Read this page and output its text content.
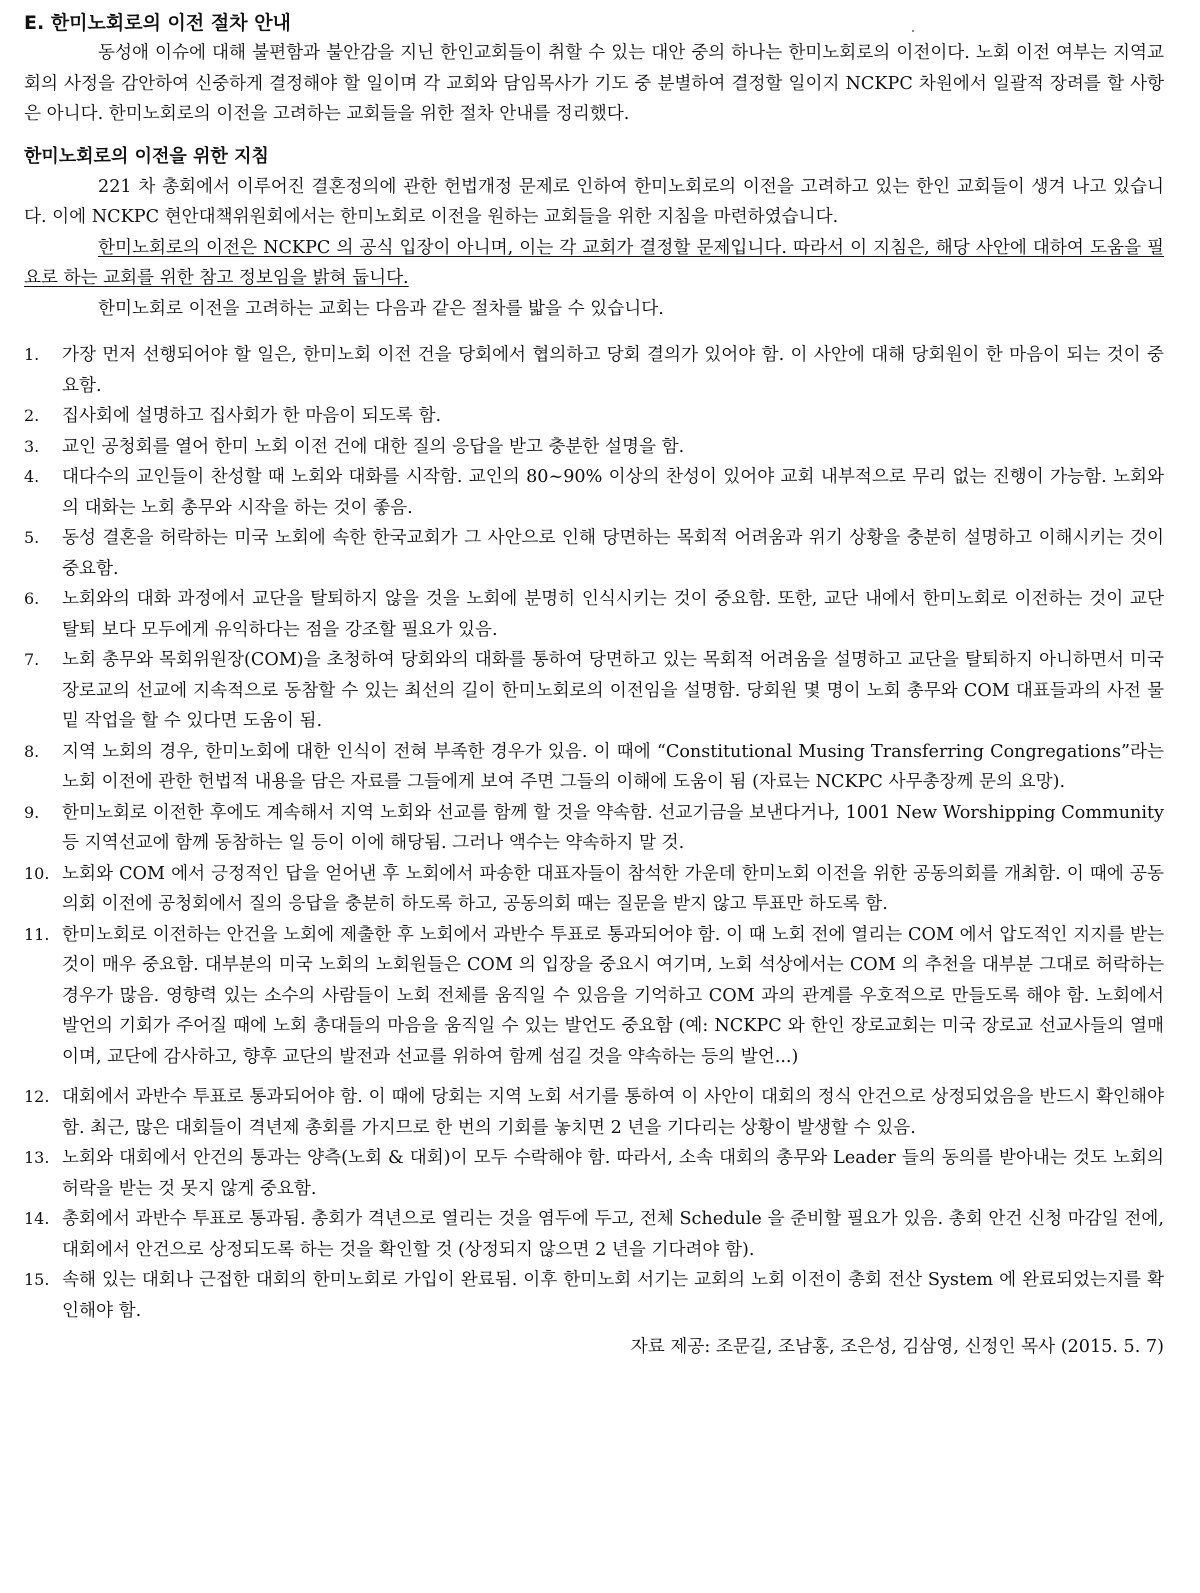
E. 한미노회로의 이전 절차 안내

동성애 이슈에 대해 불편함과 불안감을 지닌 한인교회들이 취할 수 있는 대안 중의 하나는 한미노회로의 이전이다. 노회 이전 여부는 지역교회의 사정을 감안하여 신중하게 결정해야 할 일이며 각 교회와 담임목사가 기도 중 분별하여 결정할 일이지 NCKPC 차원에서 일괄적 장려를 할 사항은 아니다. 한미노회로의 이전을 고려하는 교회들을 위한 절차 안내를 정리했다.

한미노회로의 이전을 위한 지침

221 차 총회에서 이루어진 결혼정의에 관한 헌법개정 문제로 인하여 한미노회로의 이전을 고려하고 있는 한인 교회들이 생겨 나고 있습니다. 이에 NCKPC 현안대책위원회에서는 한미노회로 이전을 원하는 교회들을 위한 지침을 마련하였습니다.

한미노회로의 이전은 NCKPC 의 공식 입장이 아니며, 이는 각 교회가 결정할 문제입니다. 따라서 이 지침은, 해당 사안에 대하여 도움을 필요로 하는 교회를 위한 참고 정보임을 밝혀 둡니다.

한미노회로 이전을 고려하는 교회는 다음과 같은 절차를 밟을 수 있습니다.

1.	가장 먼저 선행되어야 할 일은, 한미노회 이전 건을 당회에서 협의하고 당회 결의가 있어야 함. 이 사안에 대해 당회원이 한 마음이 되는 것이 중요함.
2.	집사회에 설명하고 집사회가 한 마음이 되도록 함.
3.	교인 공청회를 열어 한미 노회 이전 건에 대한 질의 응답을 받고 충분한 설명을 함.
4.	대다수의 교인들이 찬성할 때 노회와 대화를 시작함. 교인의 80~90% 이상의 찬성이 있어야 교회 내부적으로 무리 없는 진행이 가능함. 노회와의 대화는 노회 총무와 시작을 하는 것이 좋음.
5.	동성 결혼을 허락하는 미국 노회에 속한 한국교회가 그 사안으로 인해 당면하는 목회적 어려움과 위기 상황을 충분히 설명하고 이해시키는 것이 중요함.
6.	노회와의 대화 과정에서 교단을 탈퇴하지 않을 것을 노회에 분명히 인식시키는 것이 중요함. 또한, 교단 내에서 한미노회로 이전하는 것이 교단 탈퇴 보다 모두에게 유익하다는 점을 강조할 필요가 있음.
7.	노회 총무와 목회위원장(COM)을 초청하여 당회와의 대화를 통하여 당면하고 있는 목회적 어려움을 설명하고 교단을 탈퇴하지 아니하면서 미국장로교의 선교에 지속적으로 동참할 수 있는 최선의 길이 한미노회로의 이전임을 설명함. 당회원 몇 명이 노회 총무와 COM 대표들과의 사전 물밑 작업을 할 수 있다면 도움이 됨.
8.	지역 노회의 경우, 한미노회에 대한 인식이 전혀 부족한 경우가 있음. 이 때에 “Constitutional Musing Transferring Congregations”라는 노회 이전에 관한 헌법적 내용을 담은 자료를 그들에게 보여 주면 그들의 이해에 도움이 됨 (자료는 NCKPC 사무총장께 문의 요망).
9.	한미노회로 이전한 후에도 계속해서 지역 노회와 선교를 함께 할 것을 약속함. 선교기금을 보낸다거나, 1001 New Worshipping Community 등 지역선교에 함께 동참하는 일 등이 이에 해당됨. 그러나 액수는 약속하지 말 것.
10. 노회와 COM 에서 긍정적인 답을 얻어낸 후 노회에서 파송한 대표자들이 참석한 가운데 한미노회 이전을 위한 공동의회를 개최함. 이 때에 공동의회 이전에 공청회에서 질의 응답을 충분히 하도록 하고, 공동의회 때는 질문을 받지 않고 투표만 하도록 함.
11. 한미노회로 이전하는 안건을 노회에 제출한 후 노회에서 과반수 투표로 통과되어야 함. 이 때 노회 전에 열리는 COM 에서 압도적인 지지를 받는 것이 매우 중요함. 대부분의 미국 노회의 노회원들은 COM 의 입장을 중요시 여기며, 노회 석상에서는 COM 의 추천을 대부분 그대로 허락하는 경우가 많음. 영향력 있는 소수의 사람들이 노회 전체를 움직일 수 있음을 기억하고 COM 과의 관계를 우호적으로 만들도록 해야 함. 노회에서 발언의 기회가 주어질 때에 노회 총대들의 마음을 움직일 수 있는 발언도 중요함 (예: NCKPC 와 한인 장로교회는 미국 장로교 선교사들의 열매이며, 교단에 감사하고, 향후 교단의 발전과 선교를 위하여 함께 섬길 것을 약속하는 등의 발언...)
12. 대회에서 과반수 투표로 통과되어야 함. 이 때에 당회는 지역 노회 서기를 통하여 이 사안이 대회의 정식 안건으로 상정되었음을 반드시 확인해야 함. 최근, 많은 대회들이 격년제 총회를 가지므로 한 번의 기회를 놓치면 2 년을 기다리는 상황이 발생할 수 있음.
13. 노회와 대회에서 안건의 통과는 양측(노회 & 대회)이 모두 수락해야 함. 따라서, 소속 대회의 총무와 Leader 들의 동의를 받아내는 것도 노회의 허락을 받는 것 못지 않게 중요함.
14. 총회에서 과반수 투표로 통과됨. 총회가 격년으로 열리는 것을 염두에 두고, 전체 Schedule 을 준비할 필요가 있음. 총회 안건 신청 마감일 전에, 대회에서 안건으로 상정되도록 하는 것을 확인할 것 (상정되지 않으면 2 년을 기다려야 함).
15. 속해 있는 대회나 근접한 대회의 한미노회로 가입이 완료됨. 이후 한미노회 서기는 교회의 노회 이전이 총회 전산 System 에 완료되었는지를 확인해야 함.

자료 제공: 조문길, 조남홍, 조은성, 김삼영, 신정인 목사 (2015. 5. 7)
